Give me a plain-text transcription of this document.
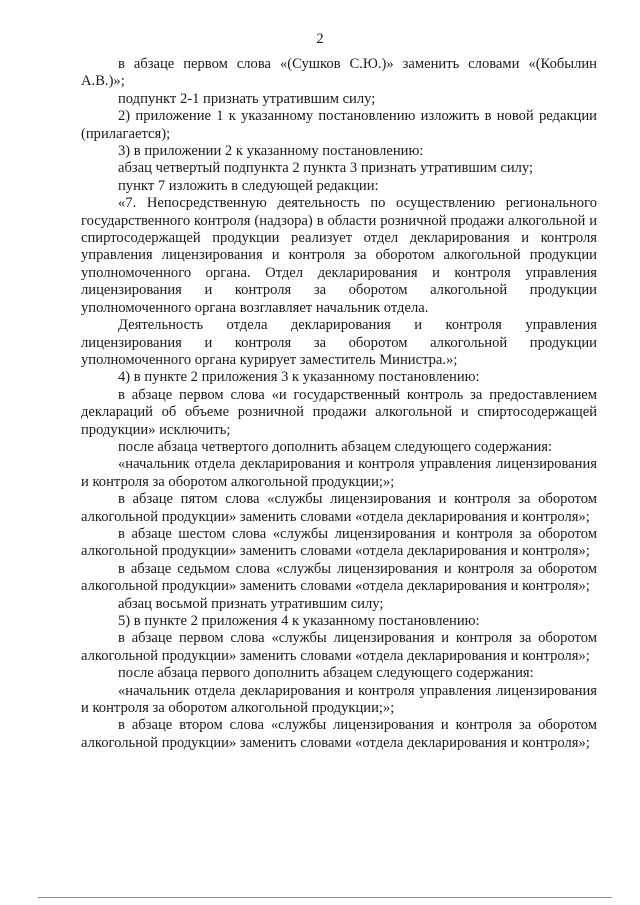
2

в абзаце первом слова «(Сушков С.Ю.)» заменить словами «(Кобылин А.В.)»;

подпункт 2-1 признать утратившим силу;

2) приложение 1 к указанному постановлению изложить в новой редакции (прилагается);

3) в приложении 2 к указанному постановлению:

абзац четвертый подпункта 2 пункта 3 признать утратившим силу;

пункт 7 изложить в следующей редакции:

«7. Непосредственную деятельность по осуществлению регионального государственного контроля (надзора) в области розничной продажи алкогольной и спиртосодержащей продукции реализует отдел декларирования и контроля управления лицензирования и контроля за оборотом алкогольной продукции уполномоченного органа. Отдел декларирования и контроля управления лицензирования и контроля за оборотом алкогольной продукции уполномоченного органа возглавляет начальник отдела.

Деятельность отдела декларирования и контроля управления лицензирования и контроля за оборотом алкогольной продукции уполномоченного органа курирует заместитель Министра.»;

4) в пункте 2 приложения 3 к указанному постановлению:

в абзаце первом слова «и государственный контроль за предоставлением деклараций об объеме розничной продажи алкогольной и спиртосодержащей продукции» исключить;

после абзаца четвертого дополнить абзацем следующего содержания:

«начальник отдела декларирования и контроля управления лицензирования и контроля за оборотом алкогольной продукции;»;

в абзаце пятом слова «службы лицензирования и контроля за оборотом алкогольной продукции» заменить словами «отдела декларирования и контроля»;

в абзаце шестом слова «службы лицензирования и контроля за оборотом алкогольной продукции» заменить словами «отдела декларирования и контроля»;

в абзаце седьмом слова «службы лицензирования и контроля за оборотом алкогольной продукции» заменить словами «отдела декларирования и контроля»;

абзац восьмой признать утратившим силу;

5) в пункте 2 приложения 4 к указанному постановлению:

в абзаце первом слова «службы лицензирования и контроля за оборотом алкогольной продукции» заменить словами «отдела декларирования и контроля»;

после абзаца первого дополнить абзацем следующего содержания:

«начальник отдела декларирования и контроля управления лицензирования и контроля за оборотом алкогольной продукции;»;

в абзаце втором слова «службы лицензирования и контроля за оборотом алкогольной продукции» заменить словами «отдела декларирования и контроля»;
